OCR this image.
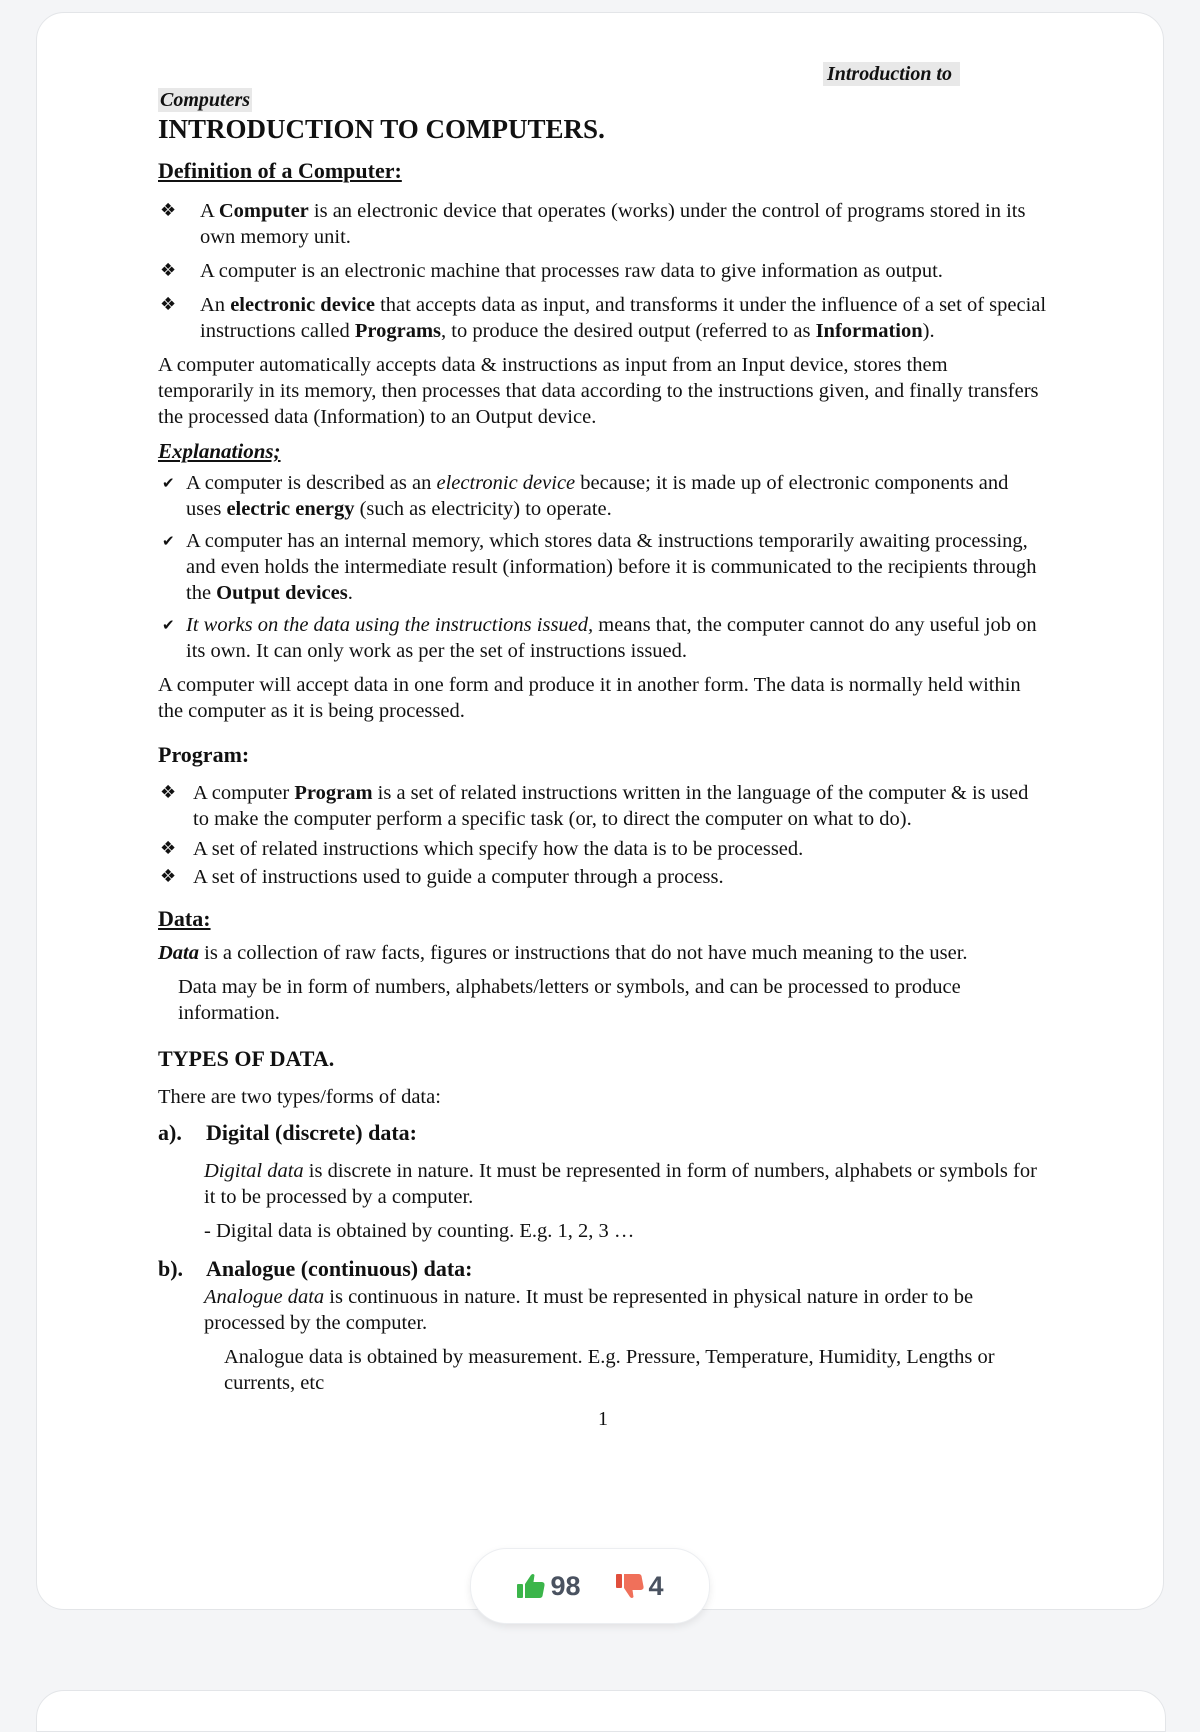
Introduction to
Computers
INTRODUCTION TO COMPUTERS.
Definition of a Computer:
❖ A Computer is an electronic device that operates (works) under the control of programs stored in its own memory unit.
❖ A computer is an electronic machine that processes raw data to give information as output.
❖ An electronic device that accepts data as input, and transforms it under the influence of a set of special instructions called Programs, to produce the desired output (referred to as Information).
A computer automatically accepts data & instructions as input from an Input device, stores them temporarily in its memory, then processes that data according to the instructions given, and finally transfers the processed data (Information) to an Output device.
Explanations;
✔ A computer is described as an electronic device because; it is made up of electronic components and uses electric energy (such as electricity) to operate.
✔ A computer has an internal memory, which stores data & instructions temporarily awaiting processing, and even holds the intermediate result (information) before it is communicated to the recipients through the Output devices.
✔ It works on the data using the instructions issued, means that, the computer cannot do any useful job on its own. It can only work as per the set of instructions issued.
A computer will accept data in one form and produce it in another form. The data is normally held within the computer as it is being processed.
Program:
❖ A computer Program is a set of related instructions written in the language of the computer & is used to make the computer perform a specific task (or, to direct the computer on what to do).
❖ A set of related instructions which specify how the data is to be processed.
❖ A set of instructions used to guide a computer through a process.
Data:
Data is a collection of raw facts, figures or instructions that do not have much meaning to the user.
Data may be in form of numbers, alphabets/letters or symbols, and can be processed to produce information.
TYPES OF DATA.
There are two types/forms of data:
a).	Digital (discrete) data:
Digital data is discrete in nature. It must be represented in form of numbers, alphabets or symbols for it to be processed by a computer.
- Digital data is obtained by counting. E.g. 1, 2, 3 …
b).	Analogue (continuous) data:
Analogue data is continuous in nature. It must be represented in physical nature in order to be processed by the computer.
Analogue data is obtained by measurement. E.g. Pressure, Temperature, Humidity, Lengths or currents, etc
1
98	4
